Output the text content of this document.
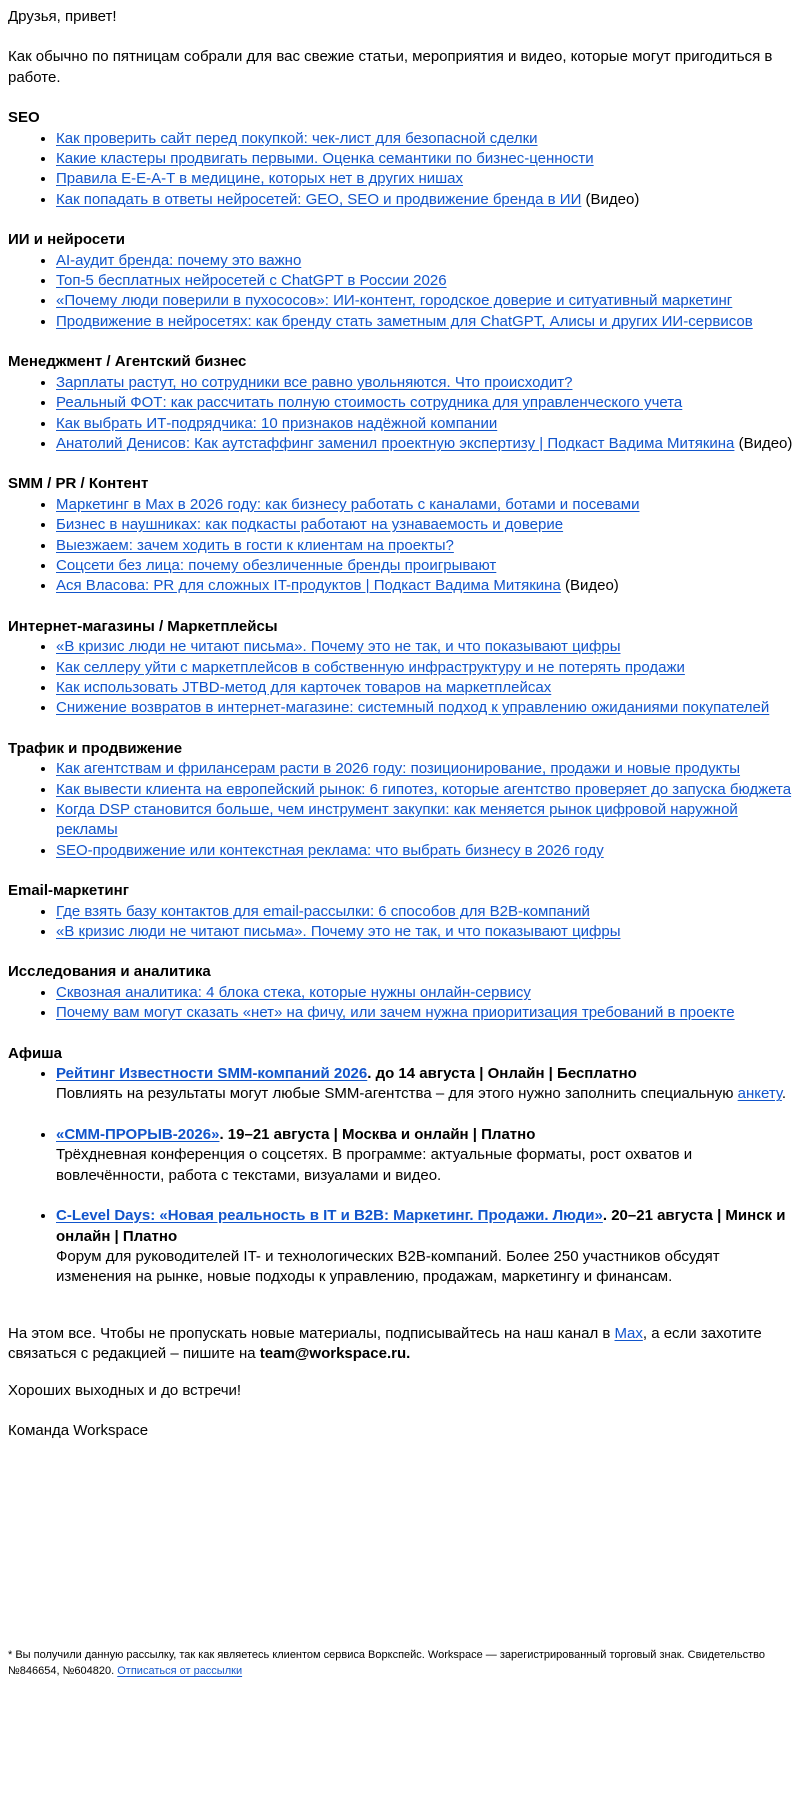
Друзья, привет!

Как обычно по пятницам собрали для вас свежие статьи, мероприятия и видео, которые могут пригодиться в работе.

SEO
• Как проверить сайт перед покупкой: чек-лист для безопасной сделки
• Какие кластеры продвигать первыми. Оценка семантики по бизнес-ценности
• Правила E-E-A-T в медицине, которых нет в других нишах
• Как попадать в ответы нейросетей: GEO, SEO и продвижение бренда в ИИ (Видео)
ИИ и нейросети
• AI-аудит бренда: почему это важно
• Топ-5 бесплатных нейросетей с ChatGPT в России 2026
• «Почему люди поверили в пухососов»: ИИ-контент, городское доверие и ситуативный маркетинг
• Продвижение в нейросетях: как бренду стать заметным для ChatGPT, Алисы и других ИИ-сервисов
Менеджмент / Агентский бизнес
• Зарплаты растут, но сотрудники все равно увольняются. Что происходит?
• Реальный ФОТ: как рассчитать полную стоимость сотрудника для управленческого учета
• Как выбрать ИТ-подрядчика: 10 признаков надёжной компании
• Анатолий Денисов: Как аутстаффинг заменил проектную экспертизу | Подкаст Вадима Митякина (Видео)
SMM / PR / Контент
• Маркетинг в Max в 2026 году: как бизнесу работать с каналами, ботами и посевами
• Бизнес в наушниках: как подкасты работают на узнаваемость и доверие
• Выезжаем: зачем ходить в гости к клиентам на проекты?
• Соцсети без лица: почему обезличенные бренды проигрывают
• Ася Власова: PR для сложных IT-продуктов | Подкаст Вадима Митякина (Видео)
Интернет-магазины / Маркетплейсы
• «В кризис люди не читают письма». Почему это не так, и что показывают цифры
• Как селлеру уйти с маркетплейсов в собственную инфраструктуру и не потерять продажи
• Как использовать JTBD-метод для карточек товаров на маркетплейсах
• Снижение возвратов в интернет-магазине: системный подход к управлению ожиданиями покупателей
Трафик и продвижение
• Как агентствам и фрилансерам расти в 2026 году: позиционирование, продажи и новые продукты
• Как вывести клиента на европейский рынок: 6 гипотез, которые агентство проверяет до запуска бюджета
• Когда DSP становится больше, чем инструмент закупки: как меняется рынок цифровой наружной рекламы
• SEO-продвижение или контекстная реклама: что выбрать бизнесу в 2026 году
Email-маркетинг
• Где взять базу контактов для email-рассылки: 6 способов для B2B-компаний
• «В кризис люди не читают письма». Почему это не так, и что показывают цифры
Исследования и аналитика
• Сквозная аналитика: 4 блока стека, которые нужны онлайн-сервису
• Почему вам могут сказать «нет» на фичу, или зачем нужна приоритизация требований в проекте
Афиша
• Рейтинг Известности SMM-компаний 2026. до 14 августа | Онлайн | Бесплатно
Повлиять на результаты могут любые SMM-агентства – для этого нужно заполнить специальную анкету.
• «СММ-ПРОРЫВ-2026». 19–21 августа | Москва и онлайн | Платно
Трёхдневная конференция о соцсетях. В программе: актуальные форматы, рост охватов и вовлечённости, работа с текстами, визуалами и видео.
• C-Level Days: «Новая реальность в IT и B2B: Маркетинг. Продажи. Люди». 20–21 августа | Минск и онлайн | Платно
Форум для руководителей IT- и технологических B2B-компаний. Более 250 участников обсудят изменения на рынке, новые подходы к управлению, продажам, маркетингу и финансам.

На этом все. Чтобы не пропускать новые материалы, подписывайтесь на наш канал в Max, а если захотите связаться с редакцией – пишите на team@workspace.ru.

Хороших выходных и до встречи!

Команда Workspace

* Вы получили данную рассылку, так как являетесь клиентом сервиса Воркспейс. Workspace — зарегистрированный торговый знак. Свидетельство №846654, №604820. Отписаться от рассылки
